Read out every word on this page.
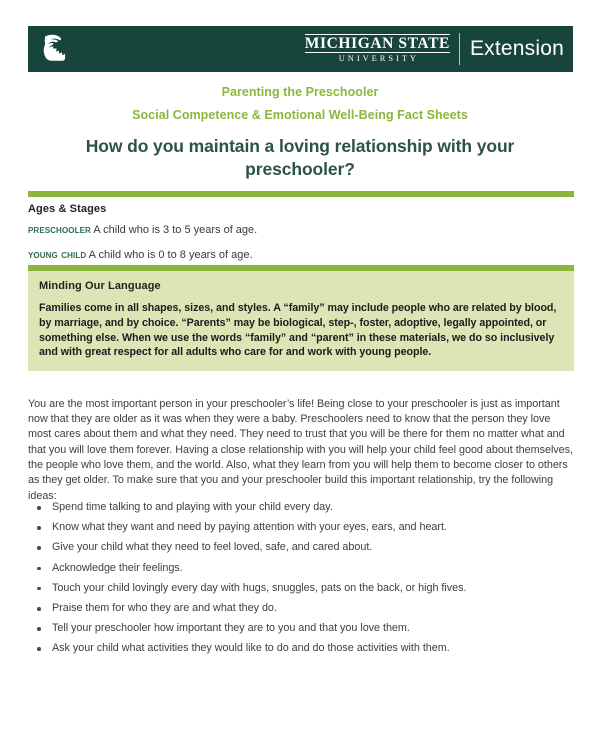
MICHIGAN STATE
UNIVERSITY	Extension
Parenting the Preschooler
Social Competence & Emotional Well-Being Fact Sheets
How do you maintain a loving relationship with your preschooler?
Ages & Stages
preschooler A child who is 3 to 5 years of age.
young child A child who is 0 to 8 years of age.
Minding Our Language
Families come in all shapes, sizes, and styles. A “family” may include people who are related by blood, by marriage, and by choice. “Parents” may be biological, step-, foster, adoptive, legally appointed, or something else. When we use the words “family” and “parent” in these materials, we do so inclusively and with great respect for all adults who care for and work with young people.

You are the most important person in your preschooler’s life! Being close to your preschooler is just as important now that they are older as it was when they were a baby. Preschoolers need to know that the person they love most cares about them and what they need. They need to trust that you will be there for them no matter what and that you will love them forever. Having a close relationship with you will help your child feel good about themselves, the people who love them, and the world. Also, what they learn from you will help them to become closer to others as they get older. To make sure that you and your preschooler build this important relationship, try the following ideas:

Spend time talking to and playing with your child every day.
Know what they want and need by paying attention with your eyes, ears, and heart.
Give your child what they need to feel loved, safe, and cared about.
Acknowledge their feelings.
Touch your child lovingly every day with hugs, snuggles, pats on the back, or high fives.
Praise them for who they are and what they do.
Tell your preschooler how important they are to you and that you love them.
Ask your child what activities they would like to do and do those activities with them.
